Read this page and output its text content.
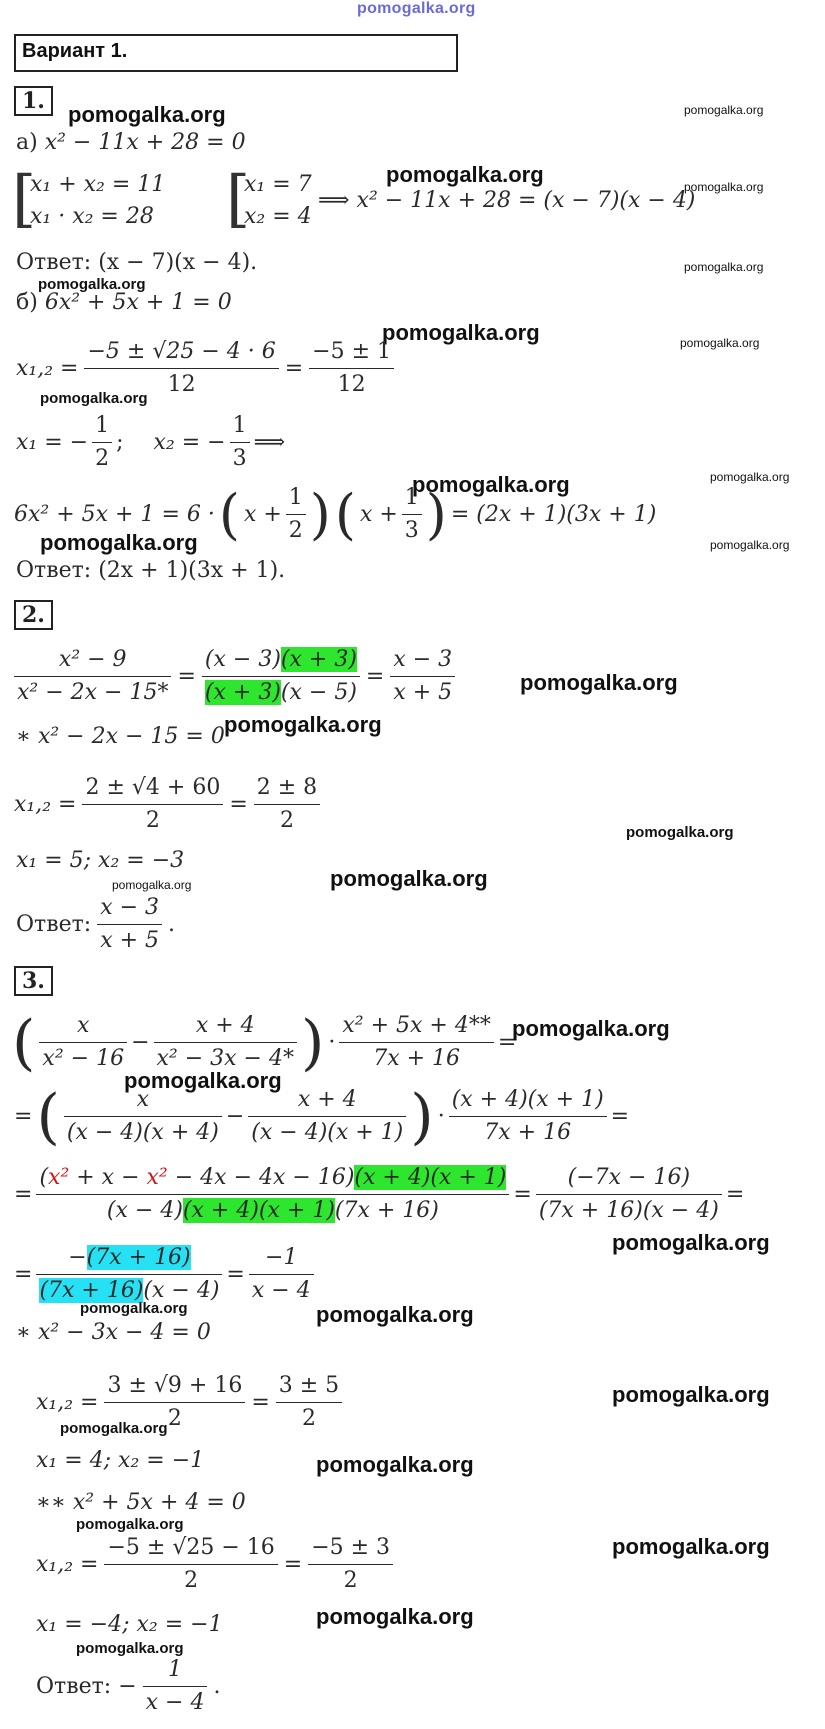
pomogalka.org
Вариант 1.
1.
pomogalka.org	pomogalka.org
а) x² − 11x + 28 = 0
[
x₁ + x₂ = 11
x₁ · x₂ = 28 [
x₁ = 7
x₂ = 4
⟹ x² − 11x + 28 = (x − 7)(x − 4)
pomogalka.org	pomogalka.org
Ответ: (x − 7)(x − 4).	pomogalka.org
pomogalka.org
б) 6x² + 5x + 1 = 0
pomogalka.org	pomogalka.org
$x_1,_2 = \frac{-5 \pm √25 - 4 \cdot 6}{12} = \frac{-5 \pm 1}{12}$
pomogalka.org
x₁ = − $\frac{1}{2}$ ; x₂ = − $\frac{1}{3}$ ⟹
pomogalka.org	pomogalka.org
6x² + 5x + 1 = 6 · ( $x + \frac{1}{2}$ ) ( $x + \frac{1}{3}$ ) = (2x + 1)(3x + 1)
pomogalka.org	pomogalka.org
Ответ: (2x + 1)(3x + 1).
2.
$\frac{\text{x² − 9}}{\text{x² − 2x − 15*}} = \frac{(x - 3)(x + 3)}{(x + 3)(x - 5)} = \frac{x - 3}{x + 5}$	pomogalka.org
pomogalka.org
∗ x² − 2x − 15 = 0
$x_1,_2 = \frac{2 \pm √4 + 60}{2} = \frac{2 \pm 8}{2}$	pomogalka.org
x₁ = 5; x₂ = −3
pomogalka.org	pomogalka.org
Ответ: $\frac{x - 3}{x + 5}$ .
3.
( $\frac{x}{\text{x² − 16}} - \frac{x + 4}{\text{x² − 3x − 4*}}$ ) · $\frac{\text{x² + 5x + 4**}}{7x + 16}$ =
pomogalka.org
pomogalka.org
= ( $\frac{x}{(x - 4)(x + 4)} - \frac{x + 4}{(x - 4)(x + 1)}$ ) · $\frac{(x + 4)(x + 1)}{7x + 16}$ =
= $\frac{\text{(x² + x − x² − 4x − 4x − 16)(x + 4)(x + 1)}}{(x - 4)(x + 4)(x + 1)(7x + 16)} = \frac{(-7x - 16)}{(7x + 16)(x - 4)}$ =
pomogalka.org
= $\frac{-(7x + 16)}{(7x + 16)(x - 4)} = \frac{-1}{x - 4}$
pomogalka.org	pomogalka.org
∗ x² − 3x − 4 = 0
$x_1,_2 = \frac{3 \pm √9 + 16}{2} = \frac{3 \pm 5}{2}$	pomogalka.org
pomogalka.org
x₁ = 4; x₂ = −1	pomogalka.org
∗∗ x² + 5x + 4 = 0
pomogalka.org
pomogalka.org
$x_1,_2 = \frac{-5 \pm √25 - 16}{2} = \frac{-5 \pm 3}{2}$
x₁ = −4; x₂ = −1	pomogalka.org
pomogalka.org
Ответ: − $\frac{1}{x - 4}$ .
